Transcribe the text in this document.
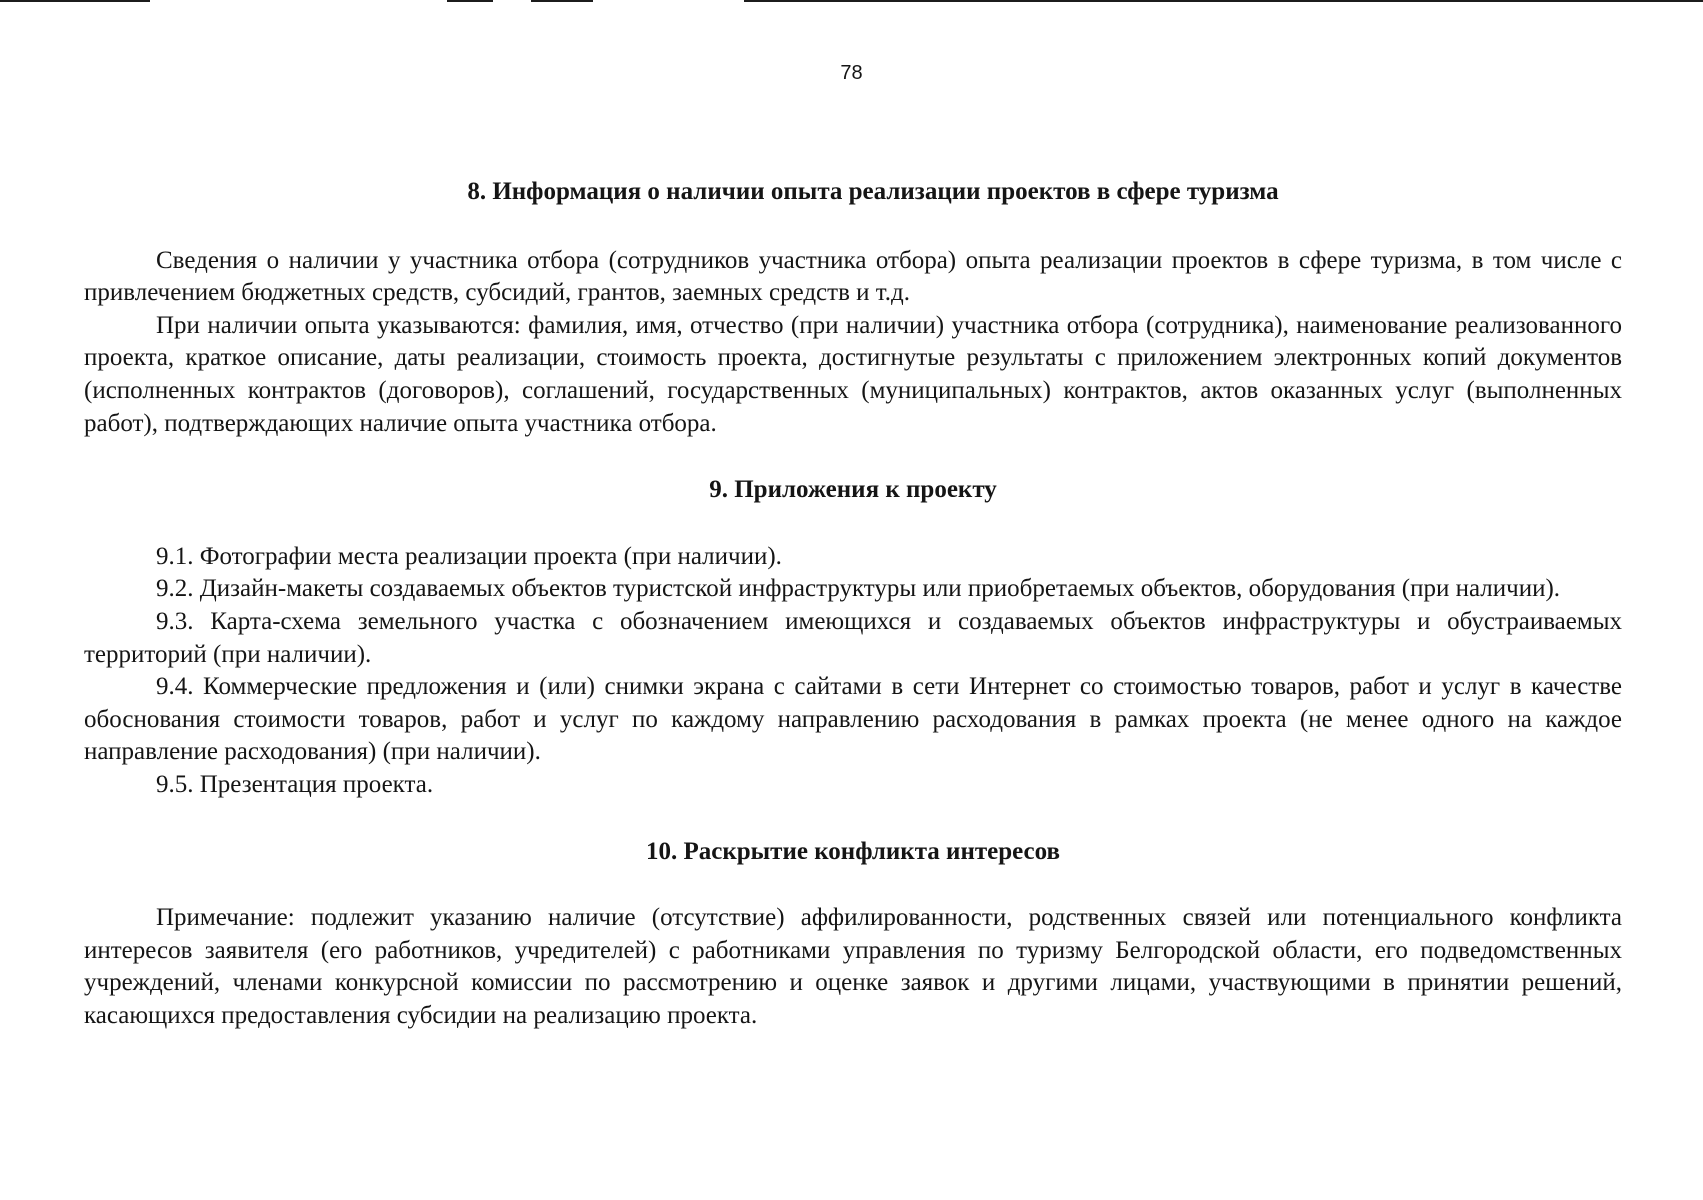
78
8. Информация о наличии опыта реализации проектов в сфере туризма

Сведения о наличии у участника отбора (сотрудников участника отбора) опыта реализации проектов в сфере туризма, в том числе с привлечением бюджетных средств, субсидий, грантов, заемных средств и т.д.

При наличии опыта указываются: фамилия, имя, отчество (при наличии) участника отбора (сотрудника), наименование реализованного проекта, краткое описание, даты реализации, стоимость проекта, достигнутые результаты с приложением электронных копий документов (исполненных контрактов (договоров), соглашений, государственных (муниципальных) контрактов, актов оказанных услуг (выполненных работ), подтверждающих наличие опыта участника отбора.

9. Приложения к проекту

9.1. Фотографии места реализации проекта (при наличии).

9.2. Дизайн-макеты создаваемых объектов туристской инфраструктуры или приобретаемых объектов, оборудования (при наличии).

9.3. Карта-схема земельного участка с обозначением имеющихся и создаваемых объектов инфраструктуры и обустраиваемых территорий (при наличии).

9.4. Коммерческие предложения и (или) снимки экрана с сайтами в сети Интернет со стоимостью товаров, работ и услуг в качестве обоснования стоимости товаров, работ и услуг по каждому направлению расходования в рамках проекта (не менее одного на каждое направление расходования) (при наличии).

9.5. Презентация проекта.

10. Раскрытие конфликта интересов

Примечание: подлежит указанию наличие (отсутствие) аффилированности, родственных связей или потенциального конфликта интересов заявителя (его работников, учредителей) с работниками управления по туризму Белгородской области, его подведомственных учреждений, членами конкурсной комиссии по рассмотрению и оценке заявок и другими лицами, участвующими в принятии решений, касающихся предоставления субсидии на реализацию проекта.
